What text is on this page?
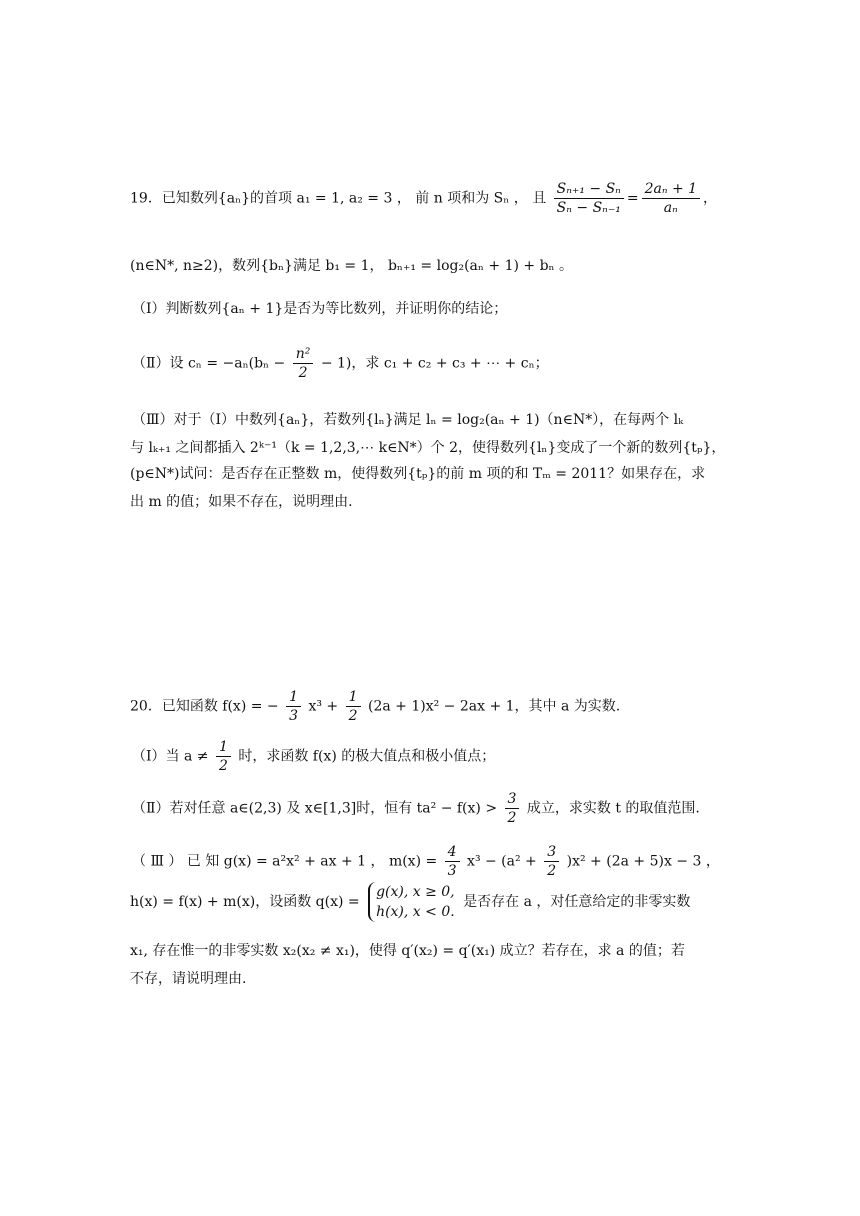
19．已知数列{aₙ}的首项 a₁ = 1, a₂ = 3 ， 前 n 项和为 Sₙ ， 且 $\frac{\text{Sₙ₊₁ − Sₙ}}{\text{Sₙ − Sₙ₋₁}} = \frac{\text{2aₙ + 1}}{\text{aₙ}}$ ，
(n∈N*, n≥2)，数列{bₙ}满足 b₁ = 1， bₙ₊₁ = log₂(aₙ + 1) + bₙ 。
（Ⅰ）判断数列{aₙ + 1}是否为等比数列，并证明你的结论；
（Ⅱ）设 $c_n = -a_n(b_n - \frac{\text{n²}}{2} - 1)$，求 c₁ + c₂ + c₃ + ⋯ + cₙ；
（Ⅲ）对于（Ⅰ）中数列{aₙ}，若数列{lₙ}满足 lₙ = log₂(aₙ + 1)（n∈N*），在每两个 lₖ
与 lₖ₊₁ 之间都插入 2ᵏ⁻¹（k = 1,2,3,⋯ k∈N*）个 2，使得数列{lₙ}变成了一个新的数列{tₚ}，
(p∈N*)试问：是否存在正整数 m，使得数列{tₚ}的前 m 项的和 Tₘ = 2011？如果存在，求
出 m 的值；如果不存在，说明理由.
20．已知函数 f(x) = − $\frac{1}{3} x^3 + \frac{1}{2} (2a + 1)x^2 - 2ax + 1$，其中 a 为实数.
（Ⅰ）当 $a \ne \frac{1}{2}$ 时，求函数 f(x) 的极大值点和极小值点；
（Ⅱ）若对任意 a∈(2,3) 及 x∈[1,3]时，恒有 $ta^2 - f(x) > \frac{3}{2}$ 成立，求实数 t 的取值范围.
（ Ⅲ ） 已 知 g(x) = a²x² + ax + 1 ， $m(x) = \frac{4}{3} x^3 - (a^2 + \frac{3}{2} )x^2 + (2a + 5)x - 3$ ，
h(x) = f(x) + m(x)，设函数 q(x) =
g(x), x ≥ 0,
h(x), x < 0.
是否存在 a ，对任意给定的非零实数
x₁, 存在惟一的非零实数 x₂(x₂ ≠ x₁)，使得 q′(x₂) = q′(x₁) 成立？若存在，求 a 的值；若
不存，请说明理由.
